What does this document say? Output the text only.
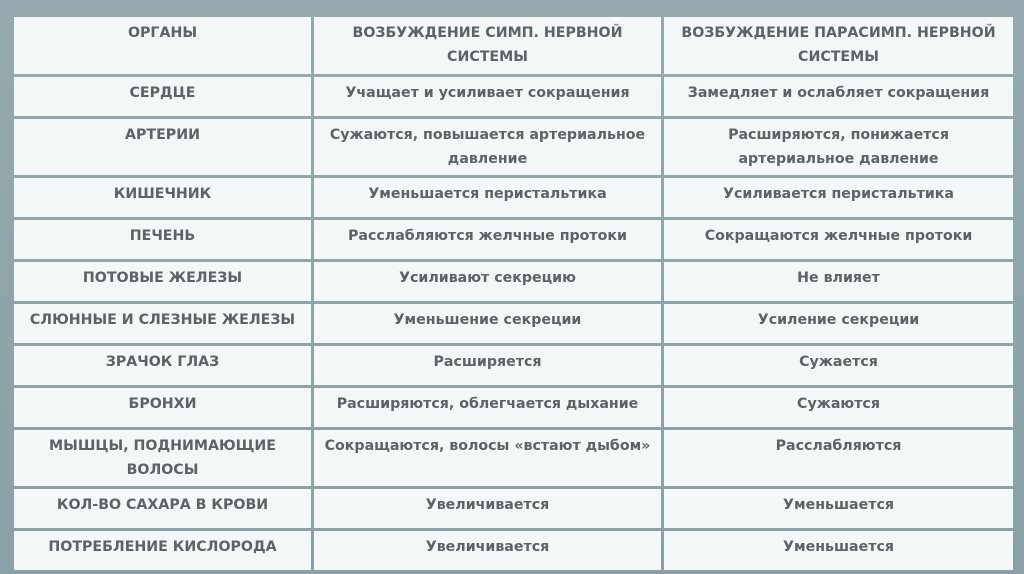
ОРГАНЫ	ВОЗБУЖДЕНИЕ СИМП. НЕРВНОЙ СИСТЕМЫ	ВОЗБУЖДЕНИЕ ПАРАСИМП. НЕРВНОЙ СИСТЕМЫ
СЕРДЦЕ	Учащает и усиливает сокращения	Замедляет и ослабляет сокращения
АРТЕРИИ	Сужаются, повышается артериальное давление	Расширяются, понижается артериальное давление
КИШЕЧНИК	Уменьшается перистальтика	Усиливается перистальтика
ПЕЧЕНЬ	Расслабляются желчные протоки	Сокращаются желчные протоки
ПОТОВЫЕ ЖЕЛЕЗЫ	Усиливают секрецию	Не влияет
СЛЮННЫЕ И СЛЕЗНЫЕ ЖЕЛЕЗЫ	Уменьшение секреции	Усиление секреции
ЗРАЧОК ГЛАЗ	Расширяется	Сужается
БРОНХИ	Расширяются, облегчается дыхание	Сужаются
МЫШЦЫ, ПОДНИМАЮЩИЕ ВОЛОСЫ	Сокращаются, волосы «встают дыбом»	Расслабляются
КОЛ-ВО САХАРА В КРОВИ	Увеличивается	Уменьшается
ПОТРЕБЛЕНИЕ КИСЛОРОДА	Увеличивается	Уменьшается
